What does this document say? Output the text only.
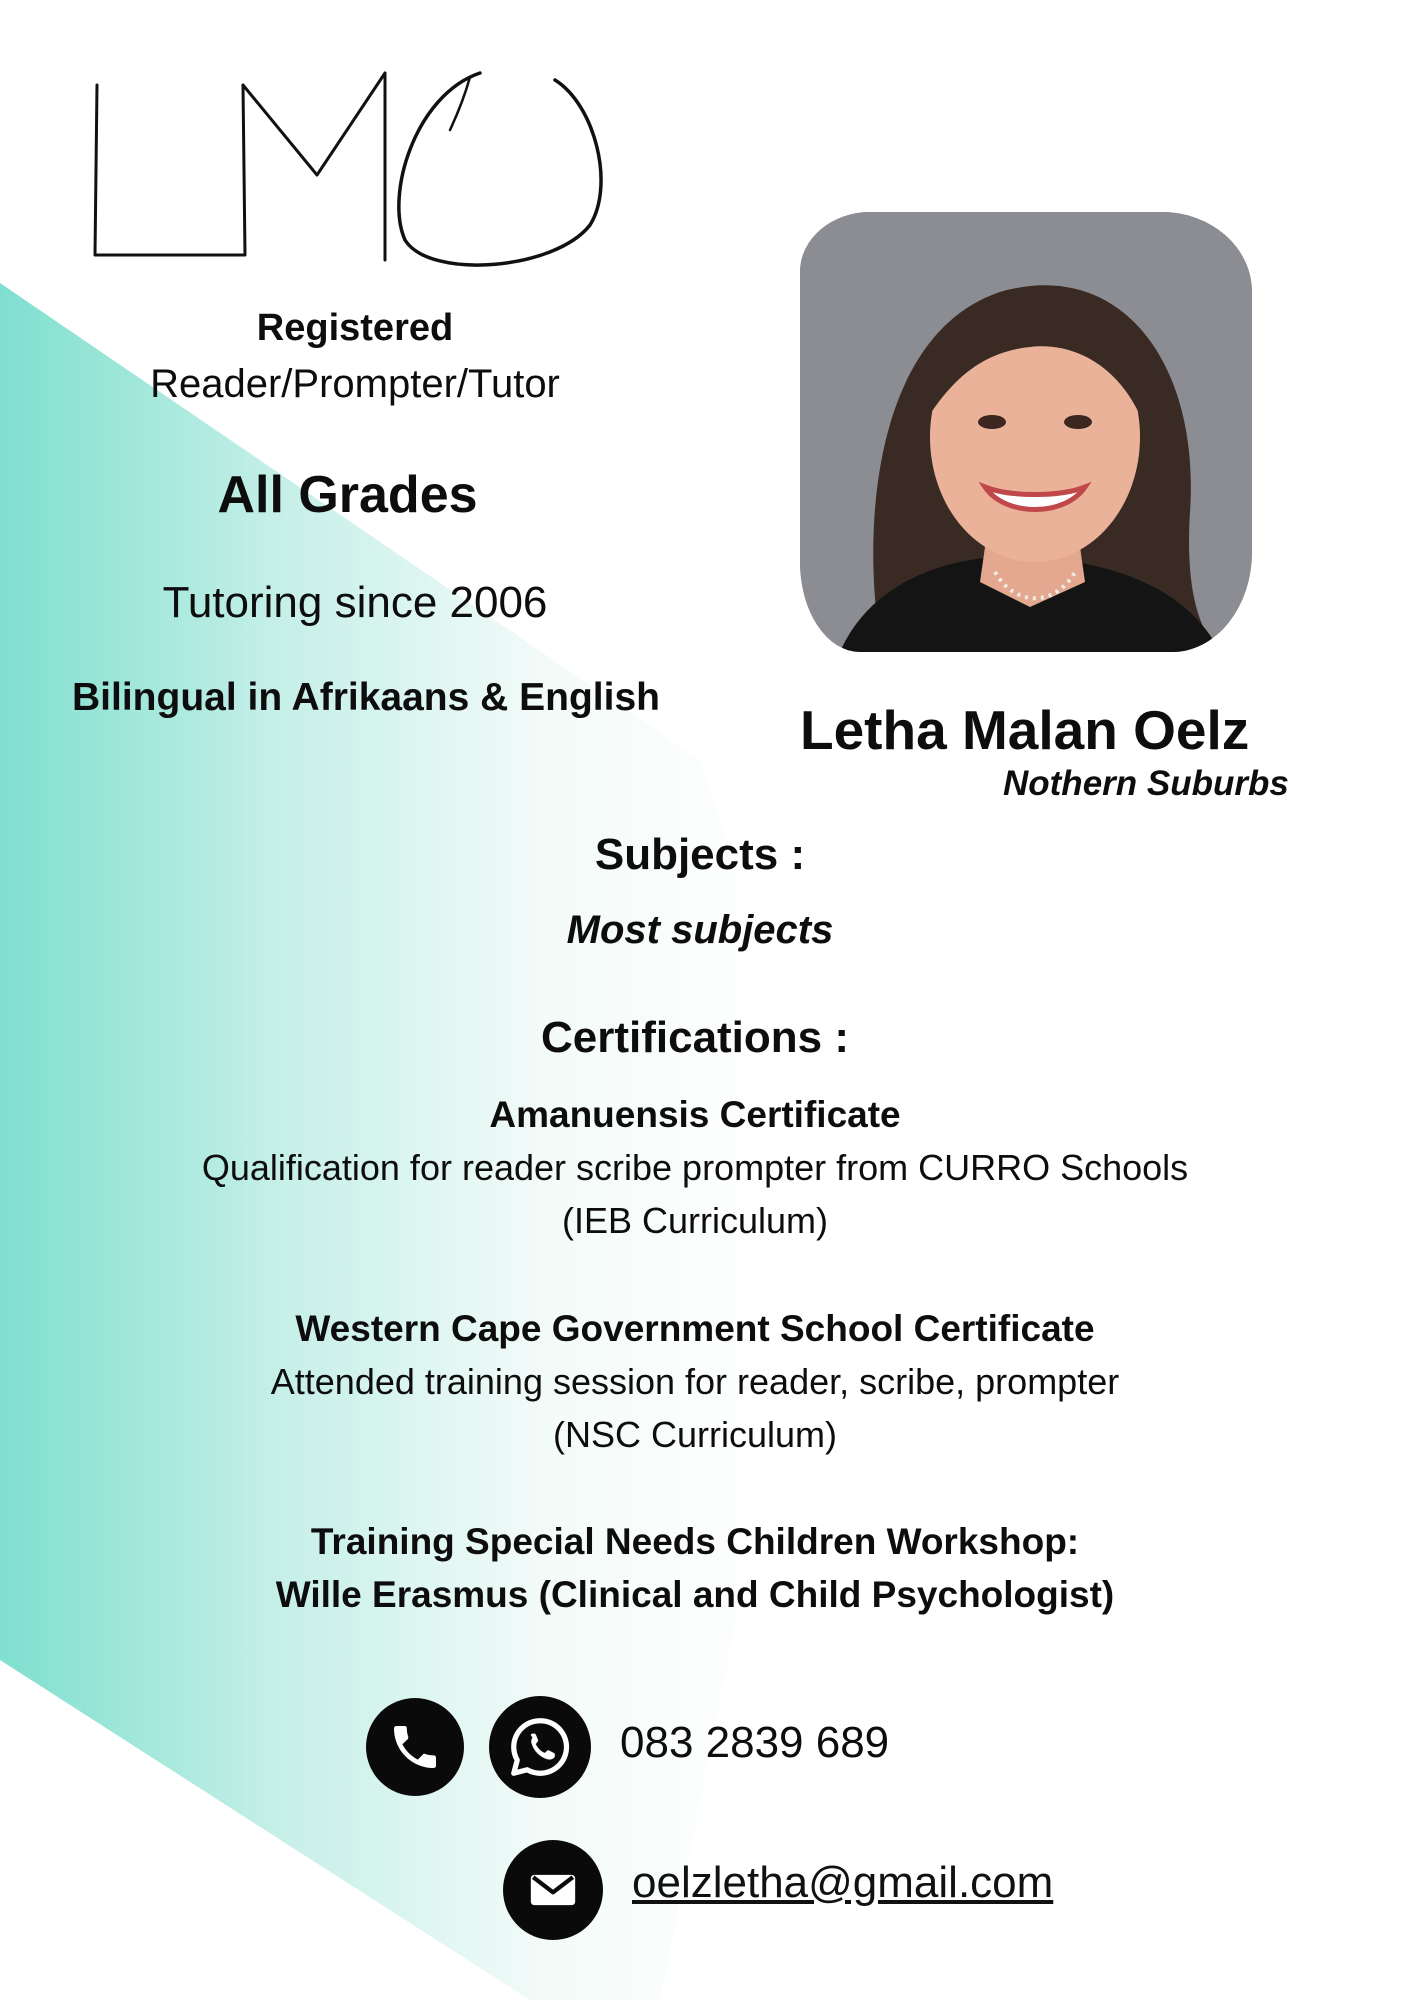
Registered
Reader/Prompter/Tutor
All Grades
Tutoring since 2006
Bilingual in Afrikaans & English
Letha Malan Oelz
Nothern Suburbs
Subjects :
Most subjects
Certifications :
Amanuensis Certificate
Qualification for reader scribe prompter from CURRO Schools
(IEB Curriculum)
Western Cape Government School Certificate
Attended training session for reader, scribe, prompter
(NSC Curriculum)
Training Special Needs Children Workshop:
Wille Erasmus (Clinical and Child Psychologist)
083 2839 689
oelzletha@gmail.com
